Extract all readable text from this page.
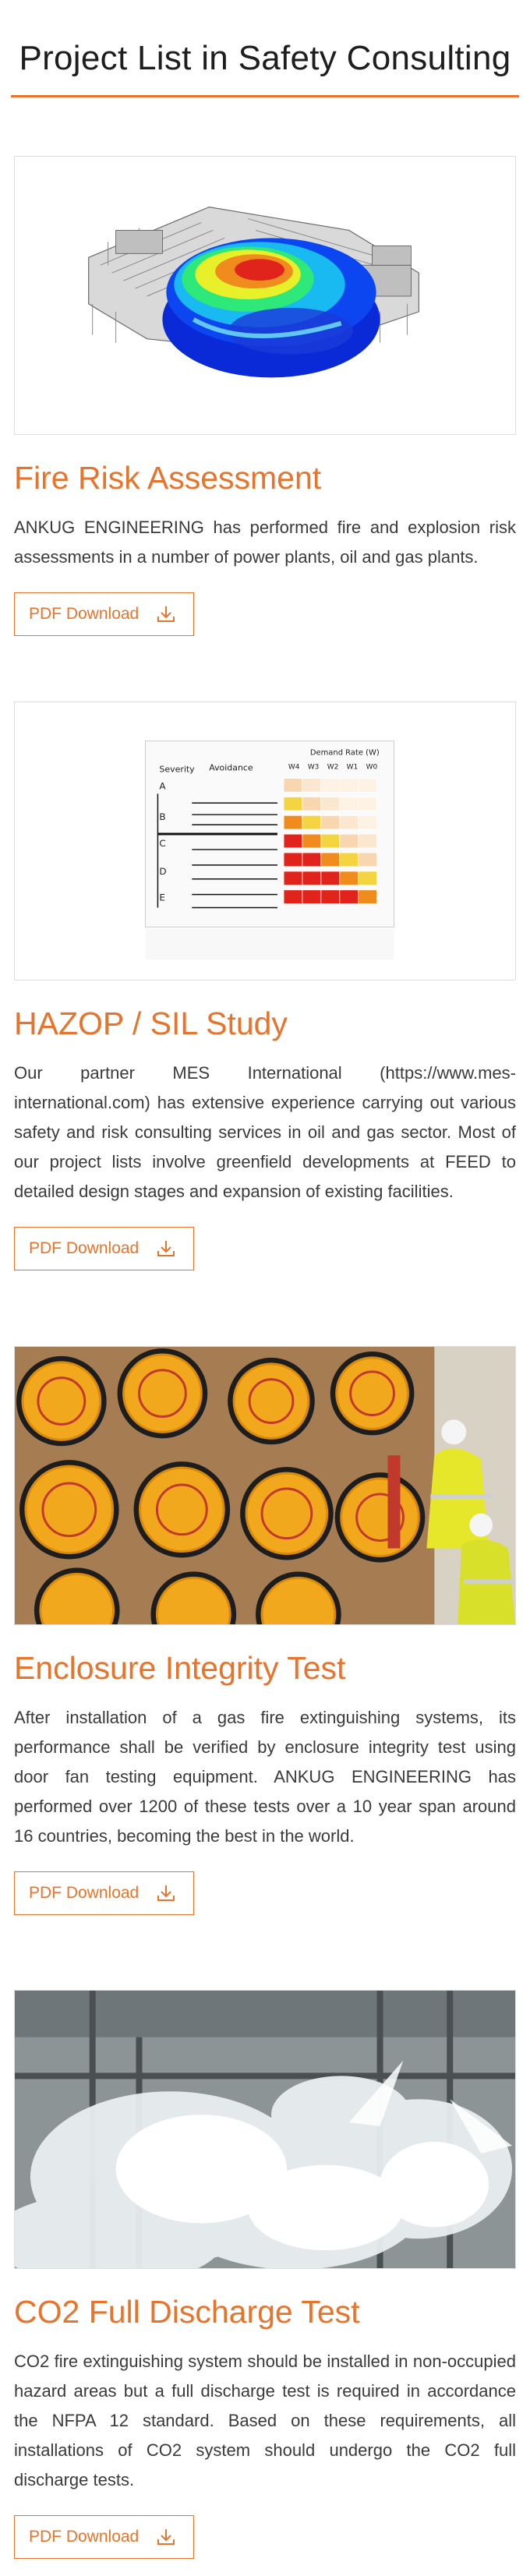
Project List in Safety Consulting
Fire Risk Assessment

ANKUG ENGINEERING has performed fire and explosion risk assessments in a number of power plants, oil and gas plants.

PDF Download
Demand Rate (W)
Severity Avoidance	W4 W3 W2 W1 W0
A
B
C
D
E
HAZOP / SIL Study

Our partner MES International (https://www.mes-international.com) has extensive experience carrying out various safety and risk consulting services in oil and gas sector. Most of our project lists involve greenfield developments at FEED to detailed design stages and expansion of existing facilities.

PDF Download
Enclosure Integrity Test

After installation of a gas fire extinguishing systems, its performance shall be verified by enclosure integrity test using door fan testing equipment. ANKUG ENGINEERING has performed over 1200 of these tests over a 10 year span around 16 countries, becoming the best in the world.

PDF Download
CO2 Full Discharge Test

CO2 fire extinguishing system should be installed in non-occupied hazard areas but a full discharge test is required in accordance the NFPA 12 standard. Based on these requirements, all installations of CO2 system should undergo the CO2 full discharge tests.

PDF Download
